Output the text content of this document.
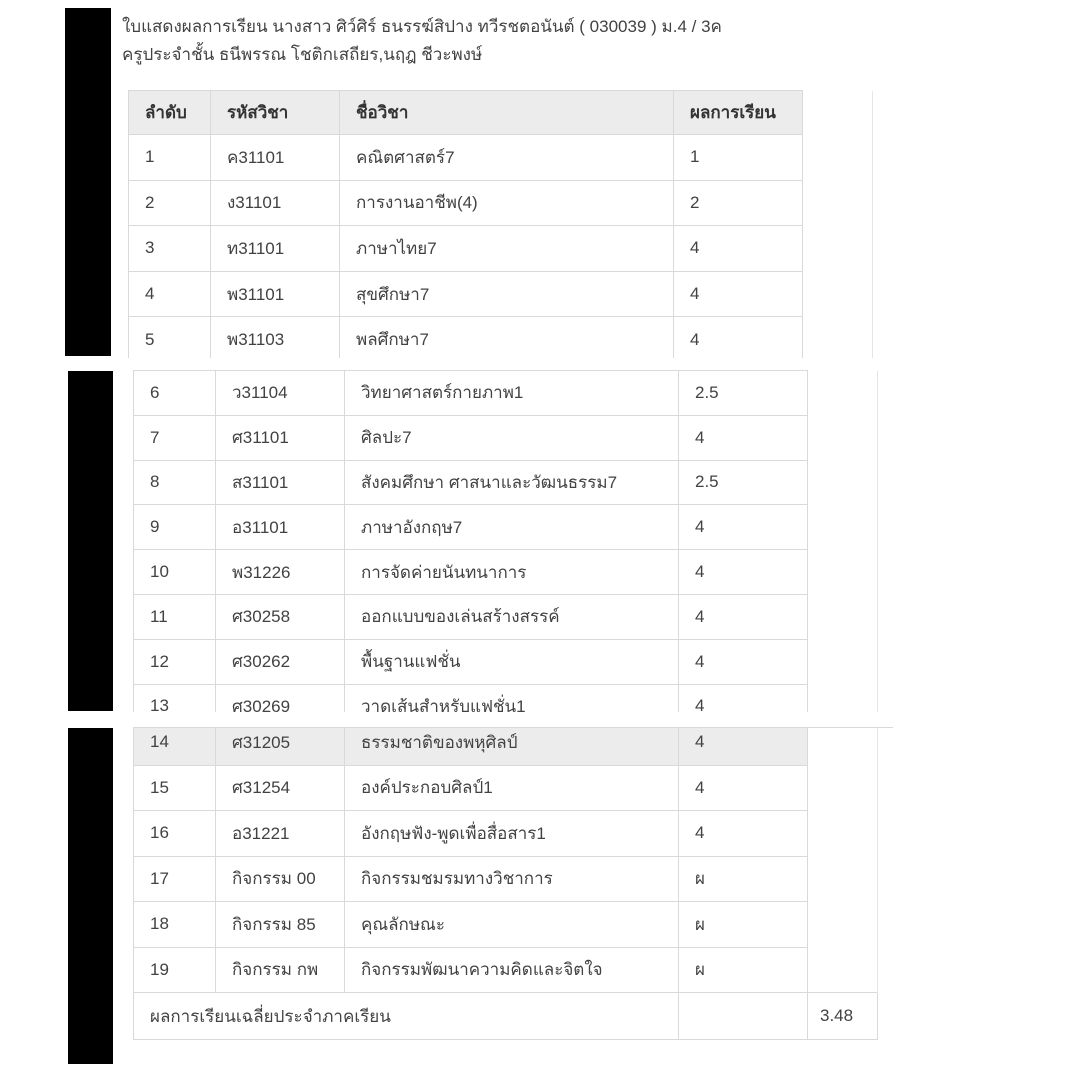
ใบแสดงผลการเรียน นางสาว ศิว์ศิร์ ธนรรฆ์สิปาง ทวีรชตอนันต์ ( 030039 ) ม.4 / 3ค
ครูประจำชั้น ธนีพรรณ โชติกเสถียร,นฤฎ ชีวะพงษ์
ลำดับ	รหัสวิชา	ชื่อวิชา	ผลการเรียน	
1	ค31101	คณิตศาสตร์7	1	
2	ง31101	การงานอาชีพ(4)	2	
3	ท31101	ภาษาไทย7	4	
4	พ31101	สุขศึกษา7	4	
5	พ31103	พลศึกษา7	4	
6	ว31104	วิทยาศาสตร์กายภาพ1	2.5	
7	ศ31101	ศิลปะ7	4	
8	ส31101	สังคมศึกษา ศาสนาและวัฒนธรรม7	2.5	
9	อ31101	ภาษาอังกฤษ7	4	
10	พ31226	การจัดค่ายนันทนาการ	4	
11	ศ30258	ออกแบบของเล่นสร้างสรรค์	4	
12	ศ30262	พื้นฐานแฟชั่น	4	
13	ศ30269	วาดเส้นสำหรับแฟชั่น1	4	
14	ศ31205	ธรรมชาติของพหุศิลป์	4	
15	ศ31254	องค์ประกอบศิลป์1	4	
16	อ31221	อังกฤษฟัง-พูดเพื่อสื่อสาร1	4	
17	กิจกรรม 00	กิจกรรมชมรมทางวิชาการ	ผ	
18	กิจกรรม 85	คุณลักษณะ	ผ	
19	กิจกรรม กพ	กิจกรรมพัฒนาความคิดและจิตใจ	ผ	
ผลการเรียนเฉลี่ยประจำภาคเรียน				3.48
